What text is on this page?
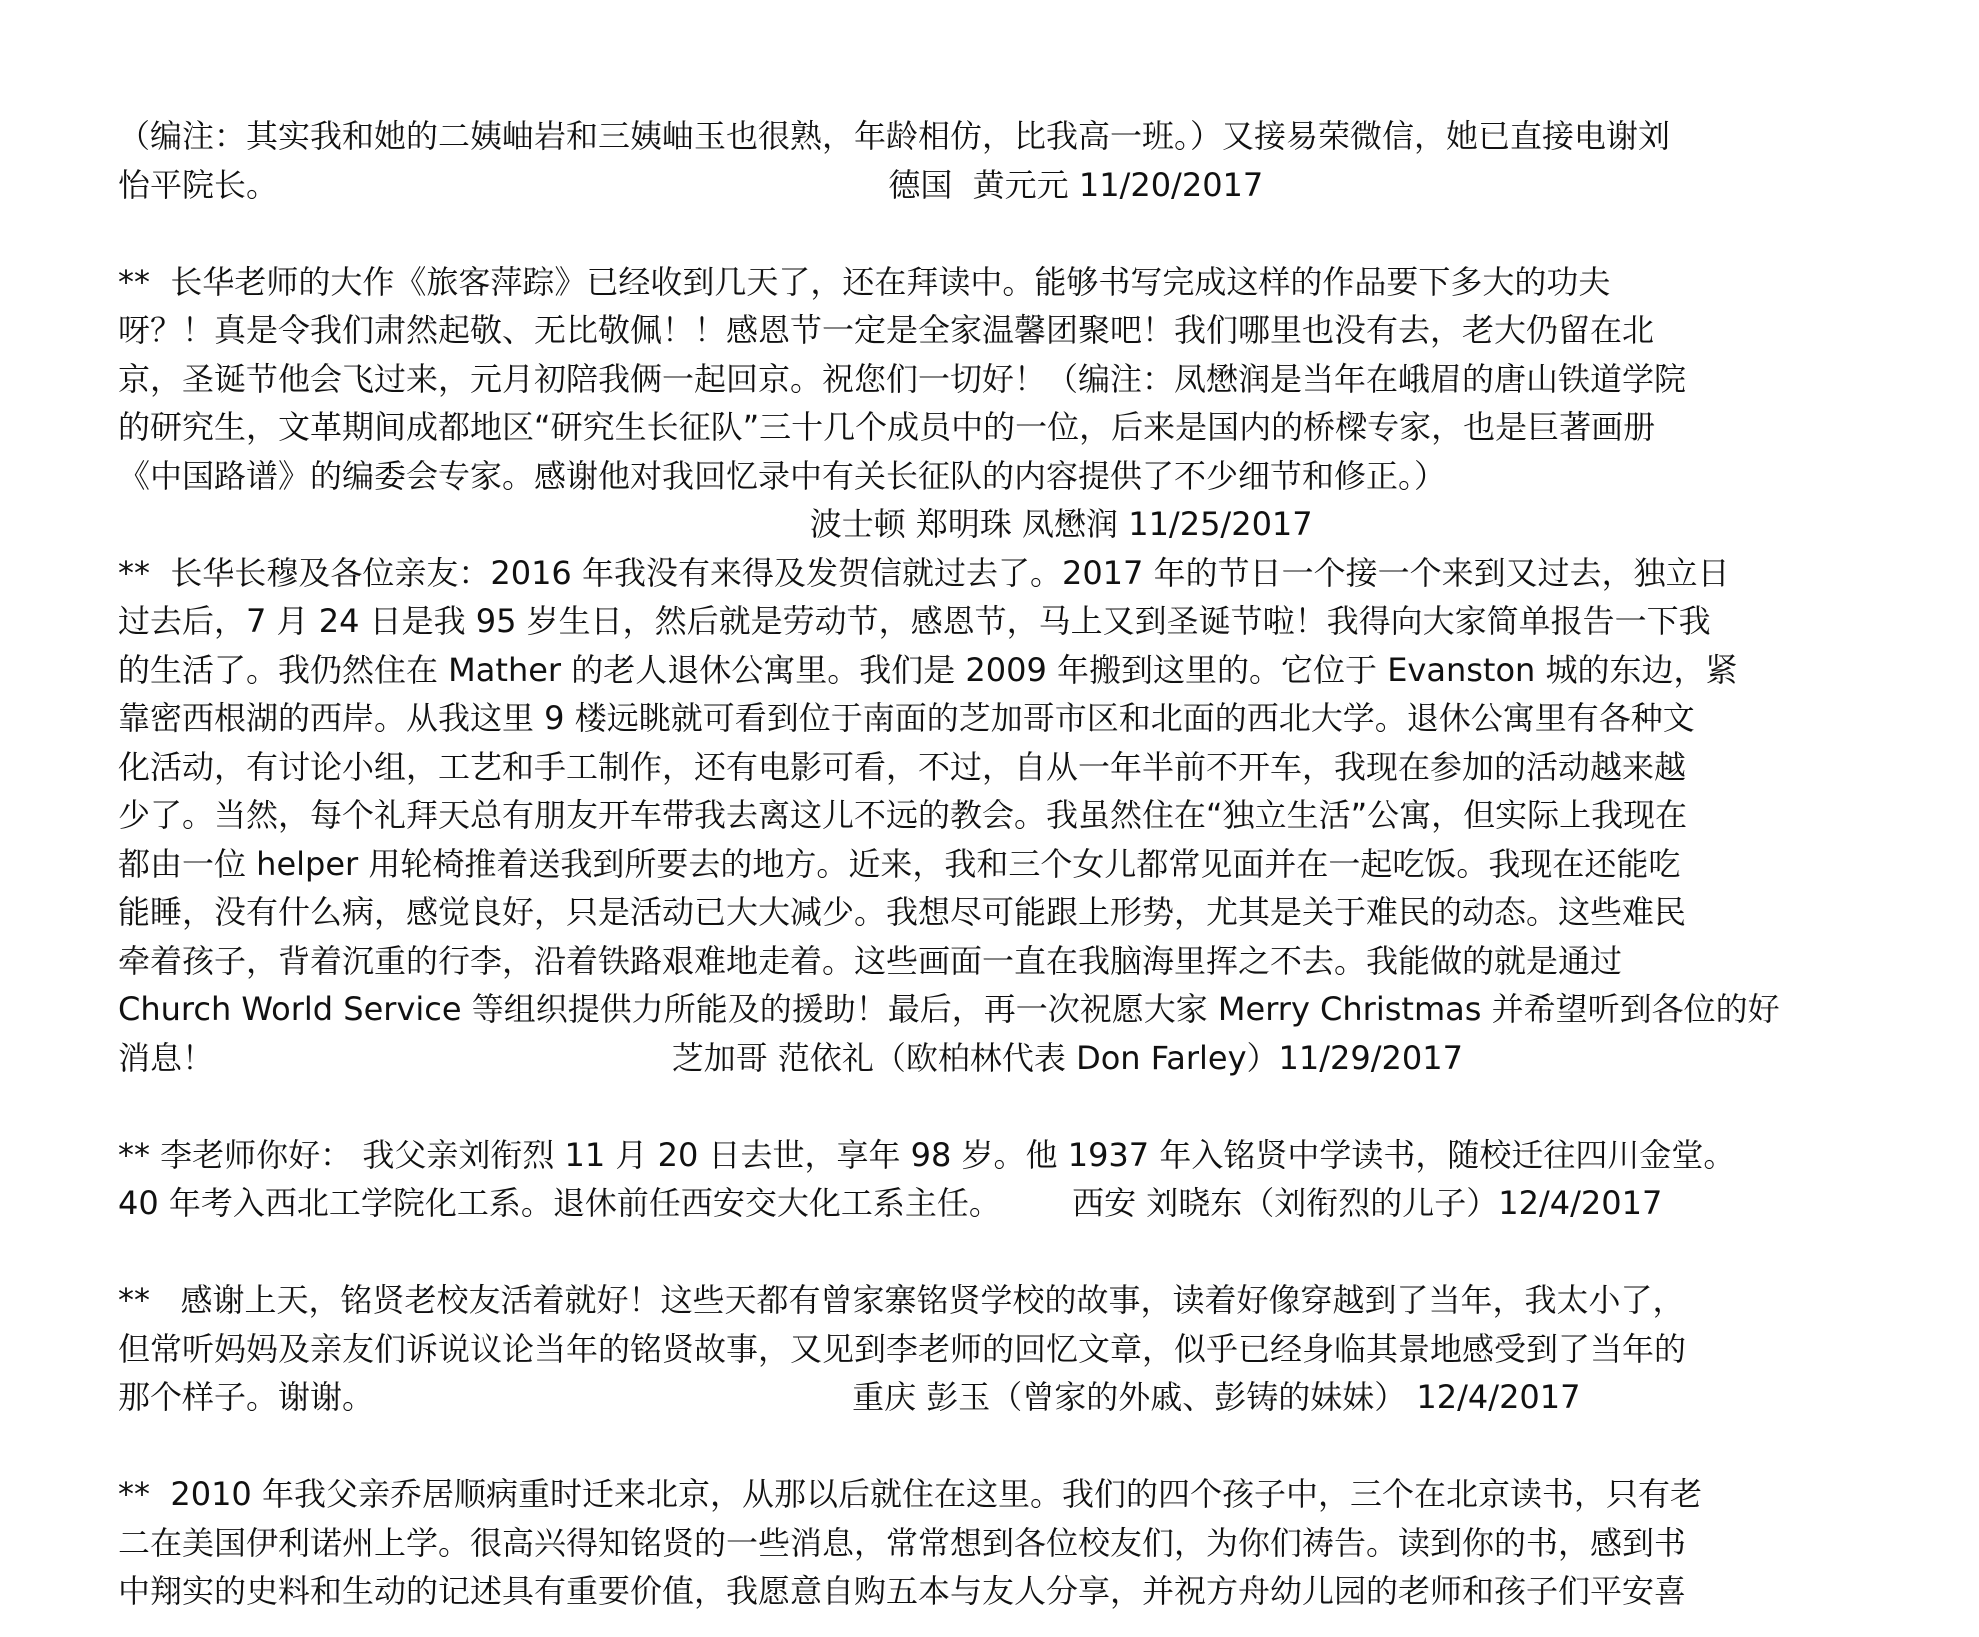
（编注：其实我和她的二姨岫岩和三姨岫玉也很熟，年龄相仿，比我高一班。）又接易荣微信，她已直接电谢刘
怡平院长。                                                            德国  黄元元 11/20/2017
**  长华老师的大作《旅客萍踪》已经收到几天了，还在拜读中。能够书写完成这样的作品要下多大的功夫
呀？！真是令我们肃然起敬、无比敬佩！！感恩节一定是全家温馨团聚吧！我们哪里也没有去，老大仍留在北
京，圣诞节他会飞过来，元月初陪我俩一起回京。祝您们一切好！（编注：凤懋润是当年在峨眉的唐山铁道学院
的研究生，文革期间成都地区“研究生长征队”三十几个成员中的一位，后来是国内的桥樑专家，也是巨著画册
《中国路谱》的编委会专家。感谢他对我回忆录中有关长征队的内容提供了不少细节和修正。）
波士顿 郑明珠 凤懋润 11/25/2017
**  长华长穆及各位亲友：2016 年我没有来得及发贺信就过去了。2017 年的节日一个接一个来到又过去，独立日
过去后，7 月 24 日是我 95 岁生日，然后就是劳动节，感恩节，马上又到圣诞节啦！我得向大家简单报告一下我
的生活了。我仍然住在 Mather 的老人退休公寓里。我们是 2009 年搬到这里的。它位于 Evanston 城的东边，紧
靠密西根湖的西岸。从我这里 9 楼远眺就可看到位于南面的芝加哥市区和北面的西北大学。退休公寓里有各种文
化活动，有讨论小组，工艺和手工制作，还有电影可看，不过，自从一年半前不开车，我现在参加的活动越来越
少了。当然，每个礼拜天总有朋友开车带我去离这儿不远的教会。我虽然住在“独立生活”公寓，但实际上我现在
都由一位 helper 用轮椅推着送我到所要去的地方。近来，我和三个女儿都常见面并在一起吃饭。我现在还能吃
能睡，没有什么病，感觉良好，只是活动已大大减少。我想尽可能跟上形势，尤其是关于难民的动态。这些难民
牵着孩子，背着沉重的行李，沿着铁路艰难地走着。这些画面一直在我脑海里挥之不去。我能做的就是通过
Church World Service 等组织提供力所能及的援助！最后，再一次祝愿大家 Merry Christmas 并希望听到各位的好
消息！                                             芝加哥 范依礼（欧柏林代表 Don Farley）11/29/2017
** 李老师你好： 我父亲刘衔烈 11 月 20 日去世，享年 98 岁。他 1937 年入铭贤中学读书，随校迁往四川金堂。
40 年考入西北工学院化工系。退休前任西安交大化工系主任。       西安 刘晓东（刘衔烈的儿子）12/4/2017
**   感谢上天，铭贤老校友活着就好！这些天都有曾家寨铭贤学校的故事，读着好像穿越到了当年，我太小了，
但常听妈妈及亲友们诉说议论当年的铭贤故事，又见到李老师的回忆文章，似乎已经身临其景地感受到了当年的
那个样子。谢谢。                                               重庆 彭玉（曾家的外戚、彭铸的妹妹） 12/4/2017
**  2010 年我父亲乔居顺病重时迁来北京，从那以后就住在这里。我们的四个孩子中，三个在北京读书，只有老
二在美国伊利诺州上学。很高兴得知铭贤的一些消息，常常想到各位校友们，为你们祷告。读到你的书，感到书
中翔实的史料和生动的记述具有重要价值，我愿意自购五本与友人分享，并祝方舟幼儿园的老师和孩子们平安喜
